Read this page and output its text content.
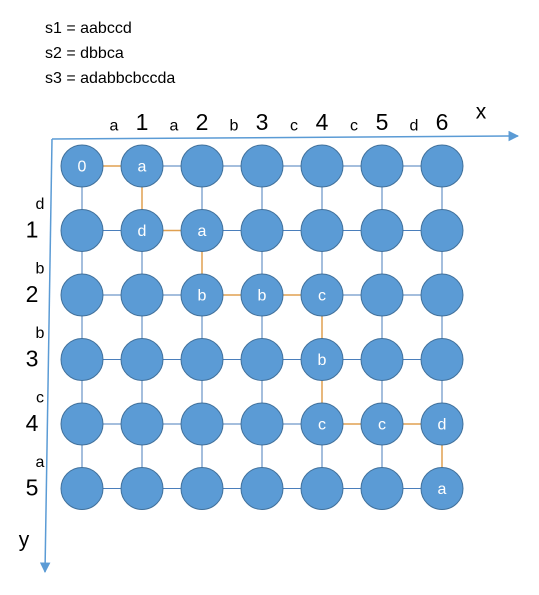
s1 = aabccd
s2 = dbbca
s3 = adabbcbccda
0	a
d	a
b	b	c
b
c	c	d
a
1
a	2
a	3
b	4
c	5
c	6
d
1
d
2
b
3
b
4
c
5
a
x
y
